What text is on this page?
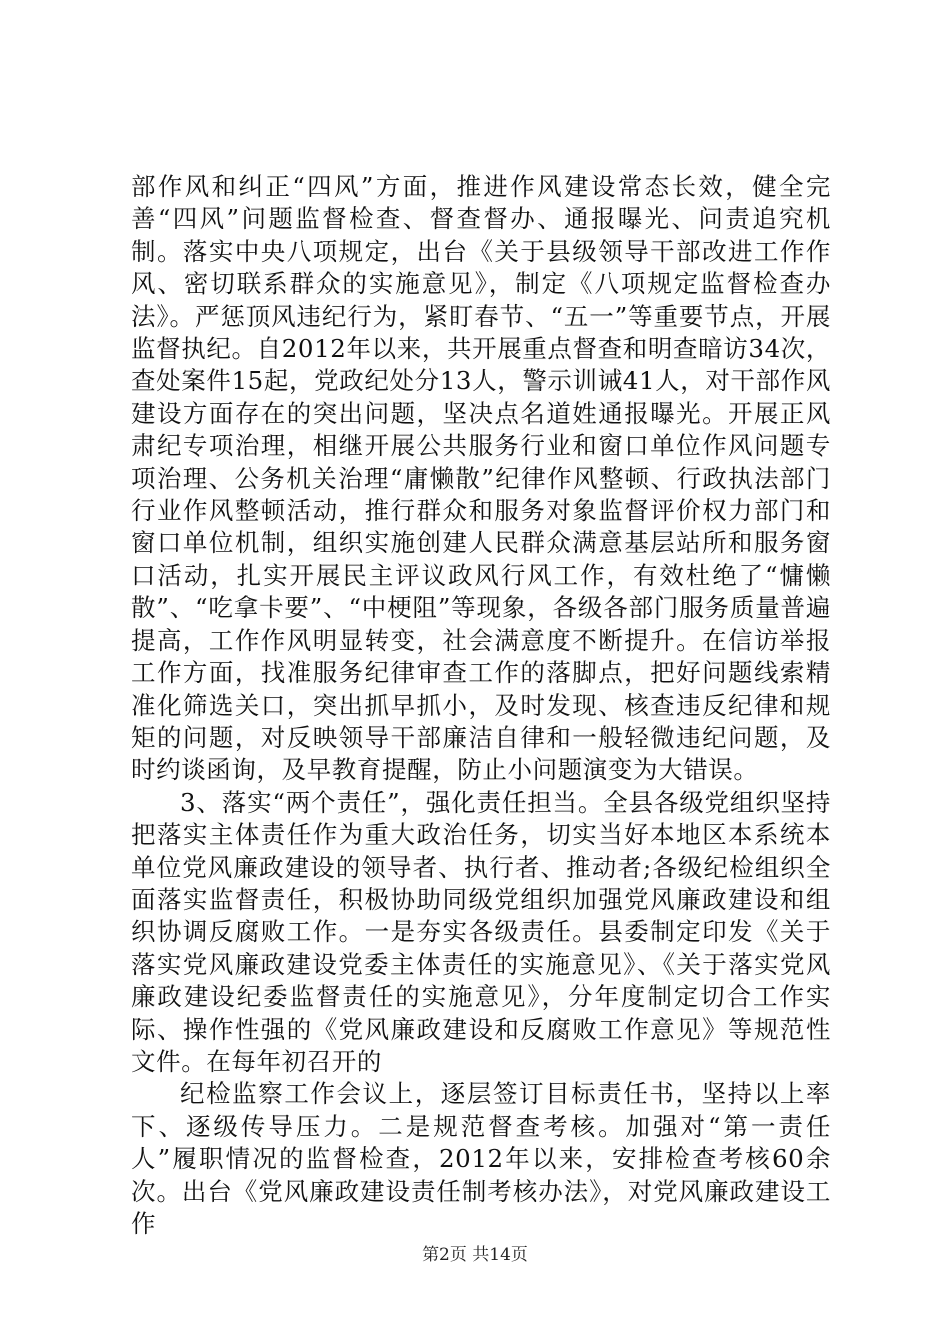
部作风和纠正“四风”方面，推进作风建设常态长效，健全完善“四风”问题监督检查、督查督办、通报曝光、问责追究机制。落实中央八项规定，出台《关于县级领导干部改进工作作风、密切联系群众的实施意见》，制定《八项规定监督检查办法》。严惩顶风违纪行为，紧盯春节、“五一”等重要节点，开展监督执纪。自2012年以来，共开展重点督查和明查暗访34次，查处案件15起，党政纪处分13人，警示训诫41人，对干部作风建设方面存在的突出问题，坚决点名道姓通报曝光。开展正风肃纪专项治理，相继开展公共服务行业和窗口单位作风问题专项治理、公务机关治理“庸懒散”纪律作风整顿、行政执法部门行业作风整顿活动，推行群众和服务对象监督评价权力部门和窗口单位机制，组织实施创建人民群众满意基层站所和服务窗口活动，扎实开展民主评议政风行风工作，有效杜绝了“慵懒散”、“吃拿卡要”、“中梗阻”等现象，各级各部门服务质量普遍提高，工作作风明显转变，社会满意度不断提升。在信访举报工作方面，找准服务纪律审查工作的落脚点，把好问题线索精准化筛选关口，突出抓早抓小，及时发现、核查违反纪律和规矩的问题，对反映领导干部廉洁自律和一般轻微违纪问题，及时约谈函询，及早教育提醒，防止小问题演变为大错误。

3、落实“两个责任”，强化责任担当。全县各级党组织坚持把落实主体责任作为重大政治任务，切实当好本地区本系统本单位党风廉政建设的领导者、执行者、推动者;各级纪检组织全面落实监督责任，积极协助同级党组织加强党风廉政建设和组织协调反腐败工作。一是夯实各级责任。县委制定印发《关于落实党风廉政建设党委主体责任的实施意见》、《关于落实党风廉政建设纪委监督责任的实施意见》，分年度制定切合工作实际、操作性强的《党风廉政建设和反腐败工作意见》等规范性文件。在每年初召开的

纪检监察工作会议上，逐层签订目标责任书，坚持以上率下、逐级传导压力。二是规范督查考核。加强对“第一责任人”履职情况的监督检查，2012年以来，安排检查考核60余次。出台《党风廉政建设责任制考核办法》，对党风廉政建设工作

第2页 共14页
